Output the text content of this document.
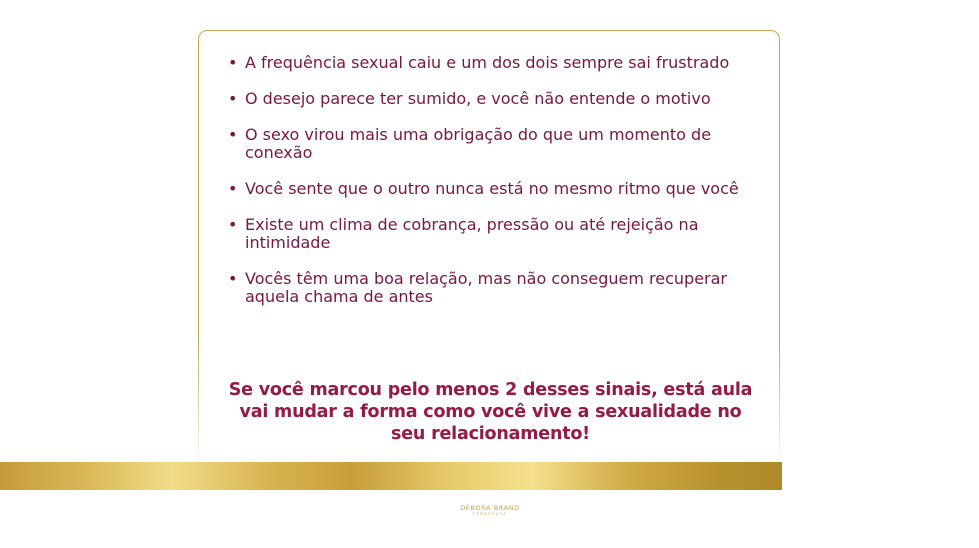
• A frequência sexual caiu e um dos dois sempre sai frustrado
• O desejo parece ter sumido, e você não entende o motivo
• O sexo virou mais uma obrigação do que um momento de conexão
• Você sente que o outro nunca está no mesmo ritmo que você
• Existe um clima de cobrança, pressão ou até rejeição na intimidade
• Vocês têm uma boa relação, mas não conseguem recuperar aquela chama de antes
Se você marcou pelo menos 2 desses sinais, está aula vai mudar a forma como você vive a sexualidade no seu relacionamento!
DÉBORA BRAND
TERAPEUTA
